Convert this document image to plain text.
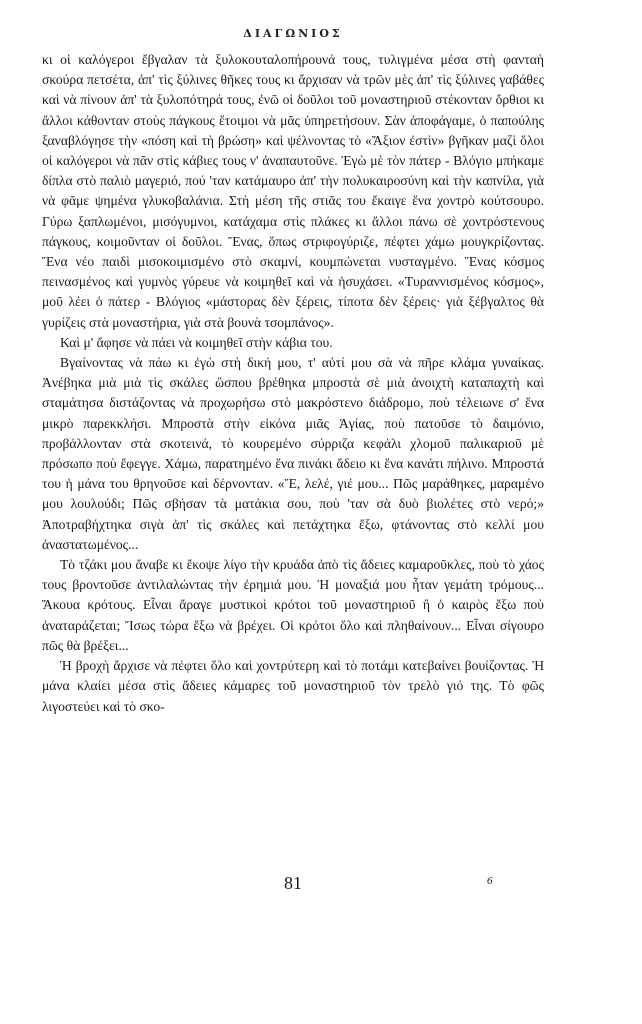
ΔΙΑΓΩΝΙΟΣ

κι οἱ καλόγεροι ἔβγαλαν τὰ ξυλοκουταλοπήρουνά τους, τυλιγμένα μέσα στὴ φανταὴ σκούρα πετσέτα, ἀπ' τὶς ξύλινες θῆκες τους κι ἄρχισαν νὰ τρῶν μὲς ἀπ' τὶς ξύλινες γαβάθες καὶ νὰ πίνουν ἀπ' τὰ ξυλοπότηρά τους, ἐνῶ οἱ δοῦλοι τοῦ μοναστηριοῦ στέκονταν ὄρθιοι κι ἄλλοι κάθονταν στοὺς πάγκους ἕτοιμοι νὰ μᾶς ὑπηρετήσουν. Σὰν ἀποφάγαμε, ὁ παπούλης ξαναβλόγησε τὴν «πόση καὶ τὴ βρώση» καὶ ψέλνοντας τὸ «Ἄξιον ἐστὶν» βγῆκαν μαζὶ ὅλοι οἱ καλόγεροι νὰ πᾶν στὶς κάβιες τους ν' ἀναπαυτοῦνε. Ἐγὼ μὲ τὸν πάτερ - Βλόγιο μπήκαμε δίπλα στὸ παλιὸ μαγεριό, πού 'ταν κατάμαυρο ἀπ' τὴν πολυκαιροσύνη καὶ τὴν καπνίλα, γιὰ νὰ φᾶμε ψημένα γλυκοβαλάνια. Στὴ μέση τῆς στιᾶς του ἔκαιγε ἕνα χοντρὸ κούτσουρο. Γύρω ξαπλωμένοι, μισόγυμνοι, κατάχαμα στὶς πλάκες κι ἄλλοι πάνω σὲ χοντρόστενους πάγκους, κοιμοῦνταν οἱ δοῦλοι. Ἕνας, ὅπως στριφογύριζε, πέφτει χάμω μουγκρίζοντας. Ἕνα νέο παιδὶ μισοκοιμισμένο στὸ σκαμνί, κουμπώνεται νυσταγμένο. Ἕνας κόσμος πεινασμένος καὶ γυμνὸς γύρευε νὰ κοιμηθεῖ καὶ νὰ ἡσυχάσει. «Τυραννισμένος κόσμος», μοῦ λέει ὁ πάτερ - Βλόγιος «μάστορας δὲν ξέρεις, τίποτα δὲν ξέρεις· γιὰ ξέβγαλτος θὰ γυρίζεις στὰ μοναστήρια, γιὰ στὰ βουνὰ τσομπάνος».

Καὶ μ' ἄφησε νὰ πάει νὰ κοιμηθεῖ στὴν κάβια του.

Βγαίνοντας νὰ πάω κι ἐγὼ στὴ δική μου, τ' αὐτί μου σὰ νὰ πῆρε κλάμα γυναίκας. Ἀνέβηκα μιὰ μιὰ τὶς σκάλες ὥσπου βρέθηκα μπροστὰ σὲ μιὰ ἀνοιχτὴ καταπαχτὴ καὶ σταμάτησα διστάζοντας νὰ προχωρήσω στὸ μακρόστενο διάδρομο, ποὺ τέλειωνε σ' ἕνα μικρὸ παρεκκλήσι. Μπροστὰ στὴν εἰκόνα μιᾶς Ἁγίας, ποὺ πατοῦσε τὸ δαιμόνιο, προβάλλονταν στὰ σκοτεινά, τὸ κουρεμένο σύρριζα κεφάλι χλομοῦ παλικαριοῦ μὲ πρόσωπο ποὺ ἔφεγγε. Χάμω, παρατημένο ἕνα πινάκι ἄδειο κι ἕνα κανάτι πήλινο. Μπροστά του ἡ μάνα του θρηνοῦσε καὶ δέρνονταν. «Ἔ, λελέ, γιέ μου... Πῶς μαράθηκες, μαραμένο μου λουλούδι; Πῶς σβήσαν τὰ ματάκια σου, ποὺ 'ταν σὰ δυὸ βιολέτες στὸ νερό;» Ἀποτραβήχτηκα σιγὰ ἀπ' τὶς σκάλες καὶ πετάχτηκα ἔξω, φτάνοντας στὸ κελλί μου ἀναστατωμένος...

Τὸ τζάκι μου ἄναβε κι ἔκοψε λίγο τὴν κρυάδα ἀπὸ τὶς ἄδειες καμαροῦκλες, ποὺ τὸ χάος τους βροντοῦσε ἀντιλαλώντας τὴν ἐρημιά μου. Ἡ μοναξιά μου ἦταν γεμάτη τρόμους... Ἄκουα κρότους. Εἶναι ἄραγε μυστικοὶ κρότοι τοῦ μοναστηριοῦ ἢ ὁ καιρὸς ἔξω ποὺ ἀναταράζεται; Ἴσως τώρα ἔξω νὰ βρέχει. Οἱ κρότοι ὅλο καὶ πληθαίνουν... Εἶναι σίγουρο πῶς θὰ βρέξει...

Ἡ βροχὴ ἄρχισε νὰ πέφτει ὅλο καὶ χοντρύτερη καὶ τὸ ποτάμι κατεβαίνει βουίζοντας. Ἡ μάνα κλαίει μέσα στὶς ἄδειες κάμαρες τοῦ μοναστηριοῦ τὸν τρελὸ γιό της. Τὸ φῶς λιγοστεύει καὶ τὸ σκο-

81	6
